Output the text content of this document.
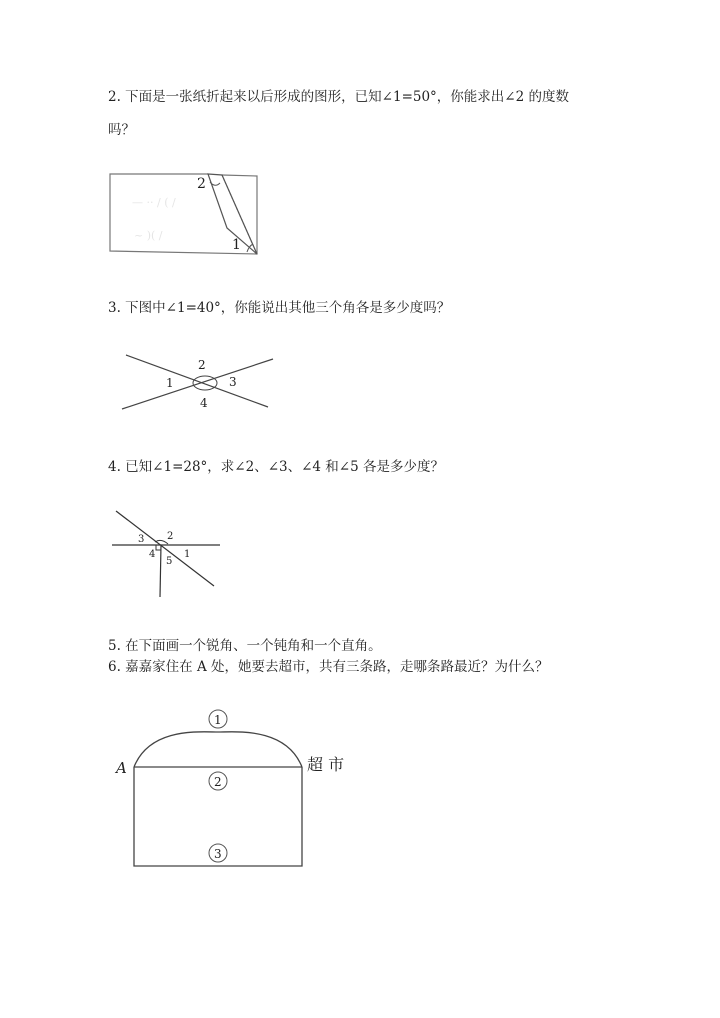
2. 下面是一张纸折起来以后形成的图形，已知∠1=50°，你能求出∠2 的度数
吗？
— ·· / ( /
~ )( /
2
1
3. 下图中∠1=40°，你能说出其他三个角各是多少度吗？
2
1	3
4
4. 已知∠1=28°，求∠2、∠3、∠4 和∠5 各是多少度？
3 2
4
5
1
5. 在下面画一个锐角、一个钝角和一个直角。
6. 嘉嘉家住在 A 处，她要去超市，共有三条路，走哪条路最近？为什么？
1
2
3
A	超 市
